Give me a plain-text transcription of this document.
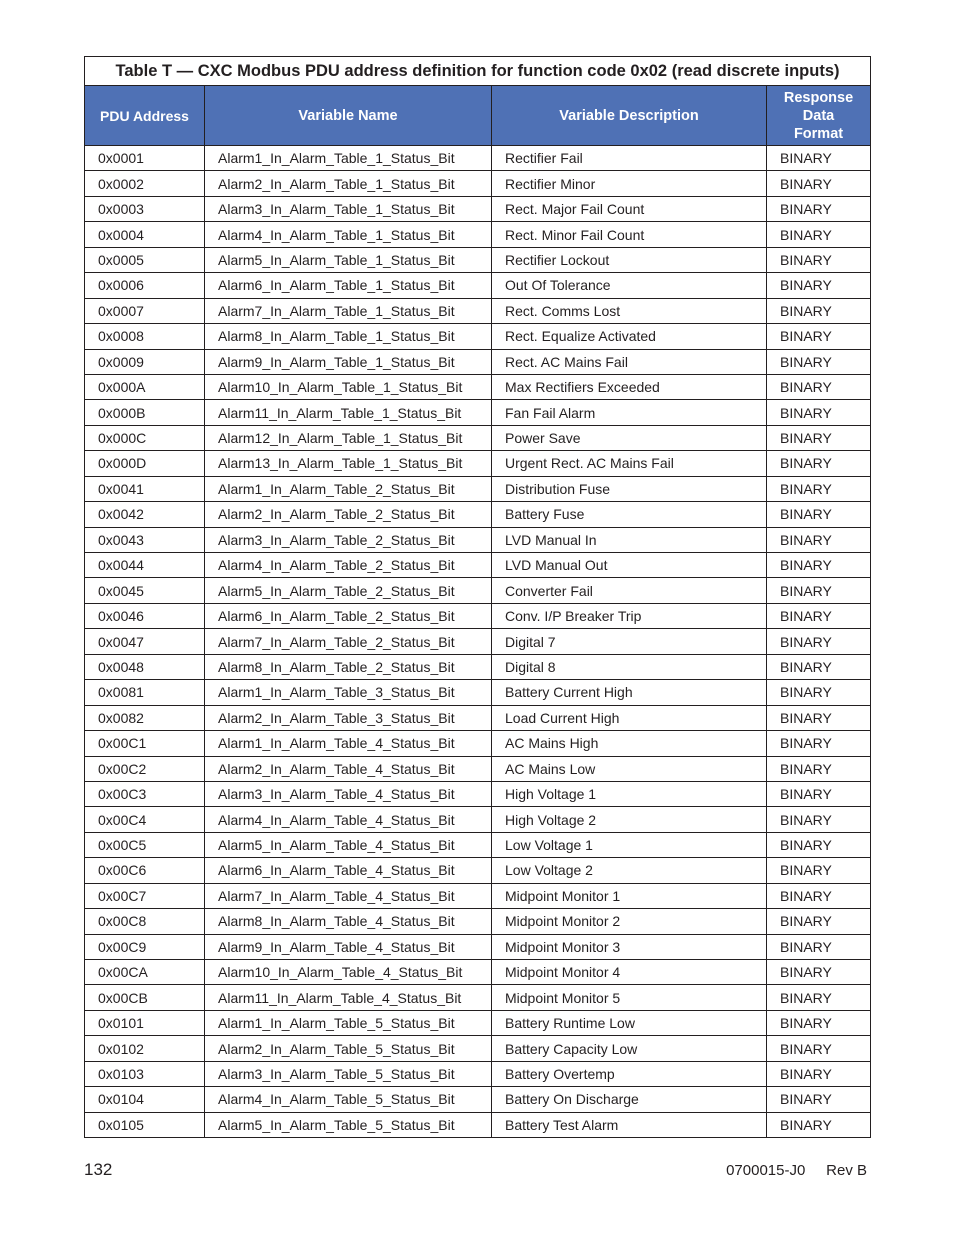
Table T — CXC Modbus PDU address definition for function code 0x02 (read discrete inputs)			
PDU Address	Variable Name	Variable Description	Response
Data
Format

0x0001	Alarm1_In_Alarm_Table_1_Status_Bit	Rectifier Fail	BINARY
0x0002	Alarm2_In_Alarm_Table_1_Status_Bit	Rectifier Minor	BINARY
0x0003	Alarm3_In_Alarm_Table_1_Status_Bit	Rect. Major Fail Count	BINARY
0x0004	Alarm4_In_Alarm_Table_1_Status_Bit	Rect. Minor Fail Count	BINARY
0x0005	Alarm5_In_Alarm_Table_1_Status_Bit	Rectifier Lockout	BINARY
0x0006	Alarm6_In_Alarm_Table_1_Status_Bit	Out Of Tolerance	BINARY
0x0007	Alarm7_In_Alarm_Table_1_Status_Bit	Rect. Comms Lost	BINARY
0x0008	Alarm8_In_Alarm_Table_1_Status_Bit	Rect. Equalize Activated	BINARY
0x0009	Alarm9_In_Alarm_Table_1_Status_Bit	Rect. AC Mains Fail	BINARY
0x000A	Alarm10_In_Alarm_Table_1_Status_Bit	Max Rectifiers Exceeded	BINARY
0x000B	Alarm11_In_Alarm_Table_1_Status_Bit	Fan Fail Alarm	BINARY
0x000C	Alarm12_In_Alarm_Table_1_Status_Bit	Power Save	BINARY
0x000D	Alarm13_In_Alarm_Table_1_Status_Bit	Urgent Rect. AC Mains Fail	BINARY
0x0041	Alarm1_In_Alarm_Table_2_Status_Bit	Distribution Fuse	BINARY
0x0042	Alarm2_In_Alarm_Table_2_Status_Bit	Battery Fuse	BINARY
0x0043	Alarm3_In_Alarm_Table_2_Status_Bit	LVD Manual In	BINARY
0x0044	Alarm4_In_Alarm_Table_2_Status_Bit	LVD Manual Out	BINARY
0x0045	Alarm5_In_Alarm_Table_2_Status_Bit	Converter Fail	BINARY
0x0046	Alarm6_In_Alarm_Table_2_Status_Bit	Conv. I/P Breaker Trip	BINARY
0x0047	Alarm7_In_Alarm_Table_2_Status_Bit	Digital 7	BINARY
0x0048	Alarm8_In_Alarm_Table_2_Status_Bit	Digital 8	BINARY
0x0081	Alarm1_In_Alarm_Table_3_Status_Bit	Battery Current High	BINARY
0x0082	Alarm2_In_Alarm_Table_3_Status_Bit	Load Current High	BINARY
0x00C1	Alarm1_In_Alarm_Table_4_Status_Bit	AC Mains High	BINARY
0x00C2	Alarm2_In_Alarm_Table_4_Status_Bit	AC Mains Low	BINARY
0x00C3	Alarm3_In_Alarm_Table_4_Status_Bit	High Voltage 1	BINARY
0x00C4	Alarm4_In_Alarm_Table_4_Status_Bit	High Voltage 2	BINARY
0x00C5	Alarm5_In_Alarm_Table_4_Status_Bit	Low Voltage 1	BINARY
0x00C6	Alarm6_In_Alarm_Table_4_Status_Bit	Low Voltage 2	BINARY
0x00C7	Alarm7_In_Alarm_Table_4_Status_Bit	Midpoint Monitor 1	BINARY
0x00C8	Alarm8_In_Alarm_Table_4_Status_Bit	Midpoint Monitor 2	BINARY
0x00C9	Alarm9_In_Alarm_Table_4_Status_Bit	Midpoint Monitor 3	BINARY
0x00CA	Alarm10_In_Alarm_Table_4_Status_Bit	Midpoint Monitor 4	BINARY
0x00CB	Alarm11_In_Alarm_Table_4_Status_Bit	Midpoint Monitor 5	BINARY
0x0101	Alarm1_In_Alarm_Table_5_Status_Bit	Battery Runtime Low	BINARY
0x0102	Alarm2_In_Alarm_Table_5_Status_Bit	Battery Capacity Low	BINARY
0x0103	Alarm3_In_Alarm_Table_5_Status_Bit	Battery Overtemp	BINARY
0x0104	Alarm4_In_Alarm_Table_5_Status_Bit	Battery On Discharge	BINARY
0x0105	Alarm5_In_Alarm_Table_5_Status_Bit	Battery Test Alarm	BINARY
132	0700015-J0     Rev B
